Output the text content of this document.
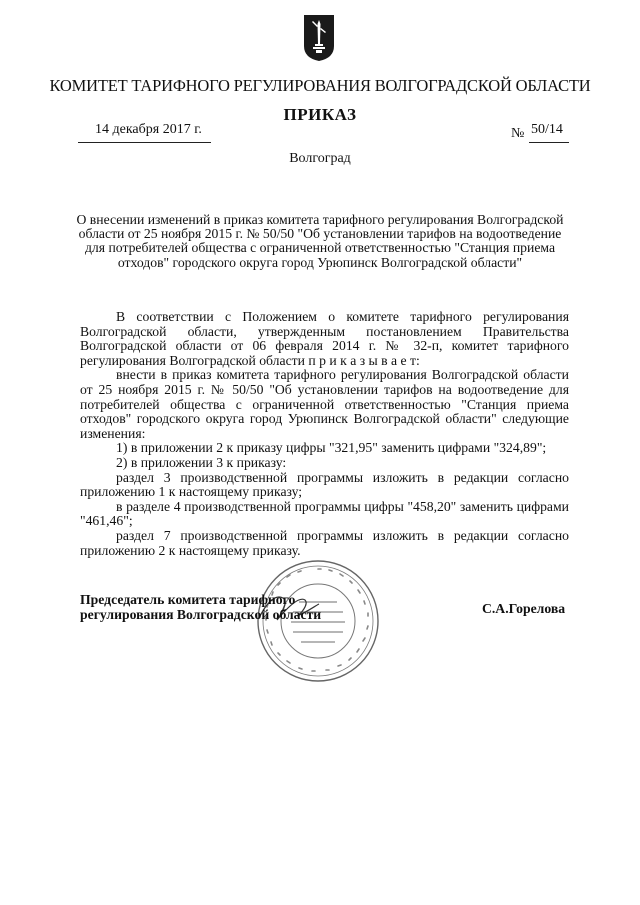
КОМИТЕТ ТАРИФНОГО РЕГУЛИРОВАНИЯ ВОЛГОГРАДСКОЙ ОБЛАСТИ
ПРИКАЗ
14 декабря 2017 г.	№ 50/14
Волгоград
О внесении изменений в приказ комитета тарифного регулирования Волгоградской области от 25 ноября 2015 г. № 50/50 "Об установлении тарифов на водоотведение для потребителей общества с ограниченной ответственностью "Станция приема отходов" городского округа город Урюпинск Волгоградской области"

В соответствии с Положением о комитете тарифного регулирования Волгоградской области, утвержденным постановлением Правительства Волгоградской области от 06 февраля 2014 г. № 32-п, комитет тарифного регулирования Волгоградской области п р и к а з ы в а е т:

внести в приказ комитета тарифного регулирования Волгоградской области от 25 ноября 2015 г. № 50/50 "Об установлении тарифов на водоотведение для потребителей общества с ограниченной ответственностью "Станция приема отходов" городского округа город Урюпинск Волгоградской области" следующие изменения:

1) в приложении 2 к приказу цифры "321,95" заменить цифрами "324,89";

2) в приложении 3 к приказу:

раздел 3 производственной программы изложить в редакции согласно приложению 1 к настоящему приказу;

в разделе 4 производственной программы цифры "458,20" заменить цифрами "461,46";

раздел 7 производственной программы изложить в редакции согласно приложению 2 к настоящему приказу.

Председатель комитета тарифного
регулирования Волгоградской области	С.А.Горелова
